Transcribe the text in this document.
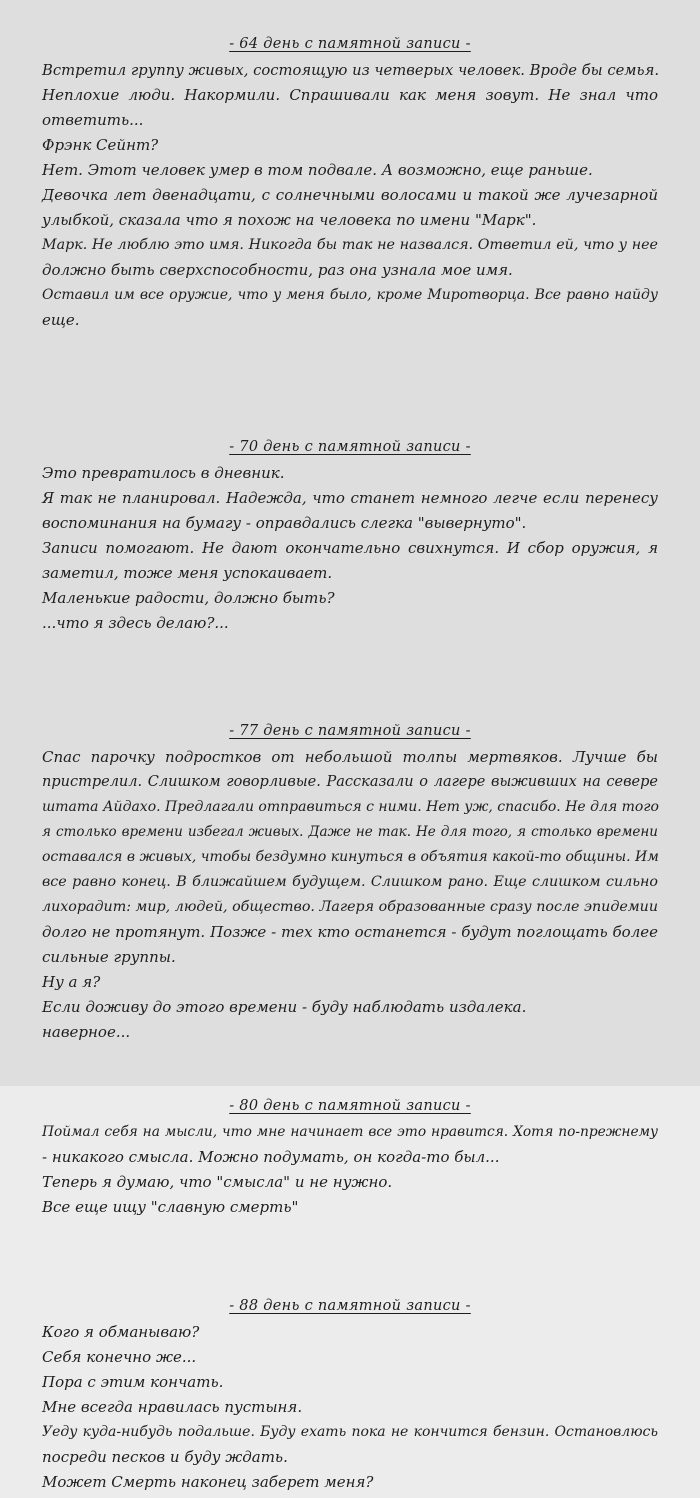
- 64 день с памятной записи -
Встретил группу живых, состоящую из четверых человек. Вроде бы семья.
Неплохие люди. Накормили. Спрашивали как меня зовут. Не знал что
ответить...
Фрэнк Сейнт?
Нет. Этот человек умер в том подвале. А возможно, еще раньше.
Девочка лет двенадцати, с солнечными волосами и такой же лучезарной
улыбкой, сказала что я похож на человека по имени "Марк".
Марк. Не люблю это имя. Никогда бы так не назвался. Ответил ей, что у нее
должно быть сверхспособности, раз она узнала мое имя.
Оставил им все оружие, что у меня было, кроме Миротворца. Все равно найду
еще.
- 70 день с памятной записи -
Это превратилось в дневник.
Я так не планировал. Надежда, что станет немного легче если перенесу
воспоминания на бумагу - оправдались слегка "вывернуто".
Записи помогают. Не дают окончательно свихнутся. И сбор оружия, я
заметил, тоже меня успокаивает.
Маленькие радости, должно быть?
...что я здесь делаю?...
- 77 день с памятной записи -
Спас парочку подростков от небольшой толпы мертвяков. Лучше бы
пристрелил. Слишком говорливые. Рассказали о лагере выживших на севере
штата Айдахо. Предлагали отправиться с ними. Нет уж, спасибо. Не для того
я столько времени избегал живых. Даже не так. Не для того, я столько времени
оставался в живых, чтобы бездумно кинуться в объятия какой-то общины. Им
все равно конец. В ближайшем будущем. Слишком рано. Еще слишком сильно
лихорадит: мир, людей, общество. Лагеря образованные сразу после эпидемии
долго не протянут. Позже - тех кто останется - будут поглощать более
сильные группы.
Ну а я?
Если доживу до этого времени - буду наблюдать издалека.
наверное...
- 80 день с памятной записи -
Поймал себя на мысли, что мне начинает все это нравится. Хотя по-прежнему
- никакого смысла. Можно подумать, он когда-то был...
Теперь я думаю, что "смысла" и не нужно.
Все еще ищу "славную смерть"
- 88 день с памятной записи -
Кого я обманываю?
Себя конечно же...
Пора с этим кончать.
Мне всегда нравилась пустыня.
Уеду куда-нибудь подальше. Буду ехать пока не кончится бензин. Остановлюсь
посреди песков и буду ждать.
Может Смерть наконец заберет меня?
